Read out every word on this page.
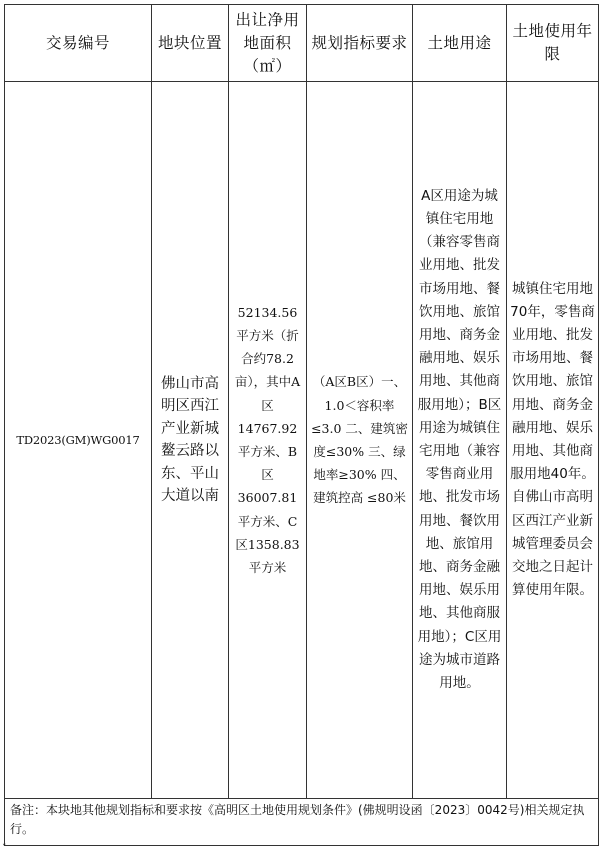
交易编号	地块位置	出让净用地面积（㎡）	规划指标要求	土地用途	土地使用年限
TD2023(GM)WG0017	佛山市高明区西江产业新城鳌云路以东、平山大道以南	52134.56平方米（折合约78.2亩），其中A区14767.92平方米、B区36007.81平方米、C区1358.83平方米	（A区B区）一、1.0＜容积率≤3.0 二、建筑密度≤30% 三、绿地率≥30% 四、建筑控高 ≤80米	A区用途为城镇住宅用地（兼容零售商业用地、批发市场用地、餐饮用地、旅馆用地、商务金融用地、娱乐用地、其他商服用地）；B区用途为城镇住宅用地（兼容零售商业用地、批发市场用地、餐饮用地、旅馆用地、商务金融用地、娱乐用地、其他商服用地）；C区用途为城市道路用地。	城镇住宅用地70年，零售商业用地、批发市场用地、餐饮用地、旅馆用地、商务金融用地、娱乐用地、其他商服用地40年。自佛山市高明区西江产业新城管理委员会交地之日起计算使用年限。
备注：本块地其他规划指标和要求按《高明区土地使用规划条件》(佛规明设函〔2023〕0042号)相关规定执行。					
ˇ
